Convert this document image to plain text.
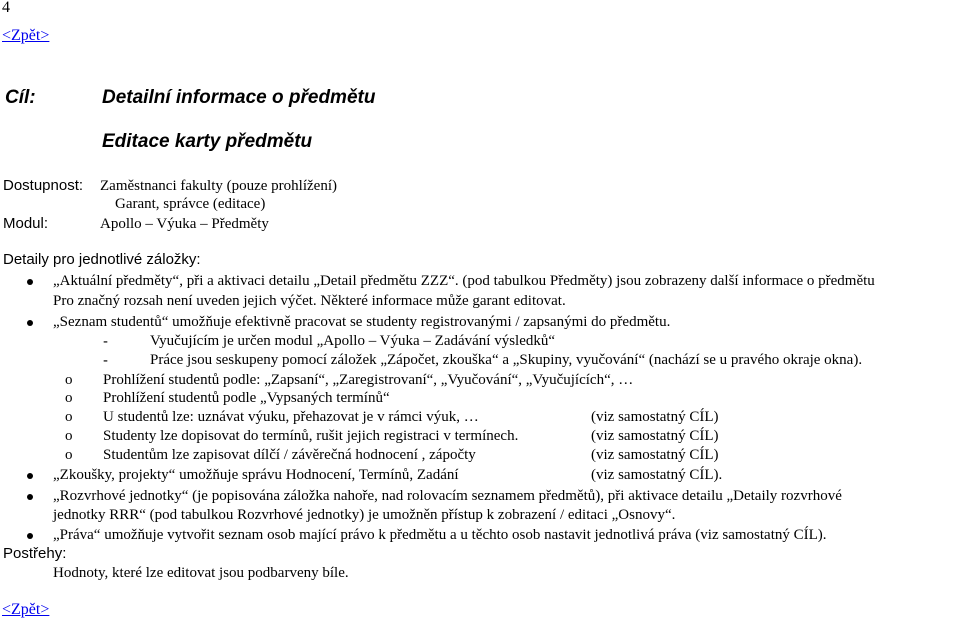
4
<Zpět>
Cíl:	Detailní informace o předmětu
Editace karty předmětu
Dostupnost: Zaměstnanci fakulty (pouze prohlížení)
Garant, správce (editace)
Modul:	Apollo – Výuka – Předměty
Detaily pro jednotlivé záložky:
„Aktuální předměty“, při a aktivaci detailu „Detail předmětu ZZZ“. (pod tabulkou Předměty) jsou zobrazeny další informace o předmětu
Pro značný rozsah není uveden jejich výčet. Některé informace může garant editovat.
„Seznam studentů“ umožňuje efektivně pracovat se studenty registrovanými / zapsanými do předmětu.
-	Vyučujícím je určen modul „Apollo – Výuka – Zadávání výsledků“
-	Práce jsou seskupeny pomocí záložek „Zápočet, zkouška“ a „Skupiny, vyučování“ (nachází se u pravého okraje okna).
o Prohlížení studentů podle: „Zapsaní“, „Zaregistrovaní“, „Vyučování“, „Vyučujících“, …
o Prohlížení studentů podle „Vypsaných termínů“
o U studentů lze: uznávat výuku, přehazovat je v rámci výuk, …	(viz samostatný CÍL)
o Studenty lze dopisovat do termínů, rušit jejich registraci v termínech.	(viz samostatný CÍL)
o Studentům lze zapisovat dílčí / závěrečná hodnocení , zápočty	(viz samostatný CÍL)
„Zkoušky, projekty“ umožňuje správu Hodnocení, Termínů, Zadání	(viz samostatný CÍL).
„Rozvrhové jednotky“ (je popisována záložka nahoře, nad rolovacím seznamem předmětů), při aktivace detailu „Detaily rozvrhové
jednotky RRR“ (pod tabulkou Rozvrhové jednotky) je umožněn přístup k zobrazení / editaci „Osnovy“.
„Práva“ umožňuje vytvořit seznam osob mající právo k předmětu a u těchto osob nastavit jednotlivá práva (viz samostatný CÍL).
Postřehy:
Hodnoty, které lze editovat jsou podbarveny bíle.
<Zpět>
